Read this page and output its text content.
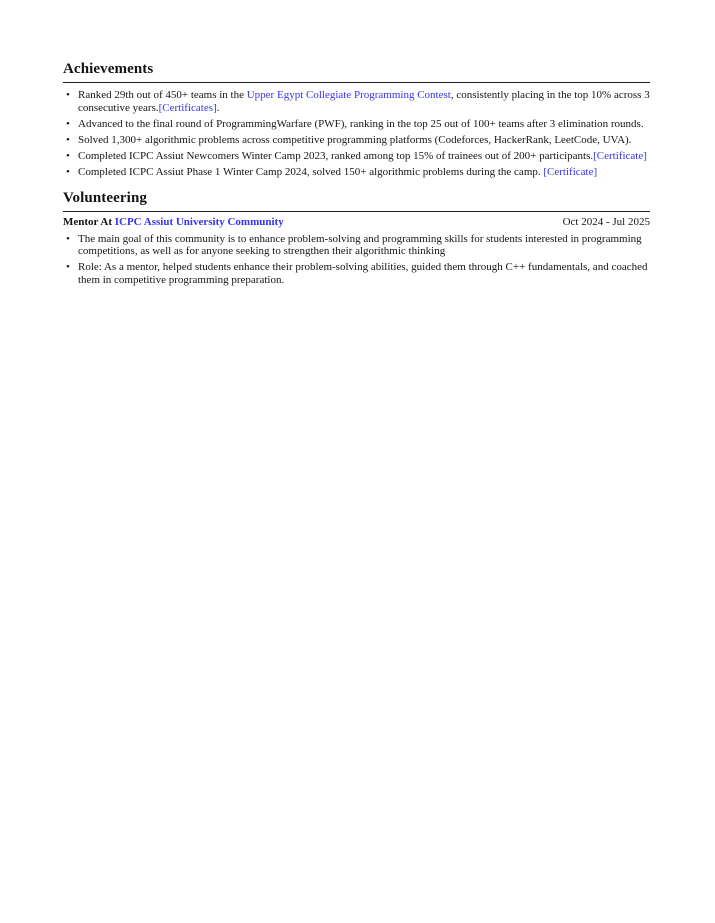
Achievements
• Ranked 29th out of 450+ teams in the Upper Egypt Collegiate Programming Contest, consistently placing in the top 10% across 3 consecutive years.[Certificates].
• Advanced to the final round of ProgrammingWarfare (PWF), ranking in the top 25 out of 100+ teams after 3 elimination rounds.
• Solved 1,300+ algorithmic problems across competitive programming platforms (Codeforces, HackerRank, LeetCode, UVA).
• Completed ICPC Assiut Newcomers Winter Camp 2023, ranked among top 15% of trainees out of 200+ participants.[Certificate]
• Completed ICPC Assiut Phase 1 Winter Camp 2024, solved 150+ algorithmic problems during the camp. [Certificate]
Volunteering
Mentor At ICPC Assiut University Community	Oct 2024 - Jul 2025
• The main goal of this community is to enhance problem-solving and programming skills for students interested in programming competitions, as well as for anyone seeking to strengthen their algorithmic thinking
• Role: As a mentor, helped students enhance their problem-solving abilities, guided them through C++ fundamentals, and coached them in competitive programming preparation.
